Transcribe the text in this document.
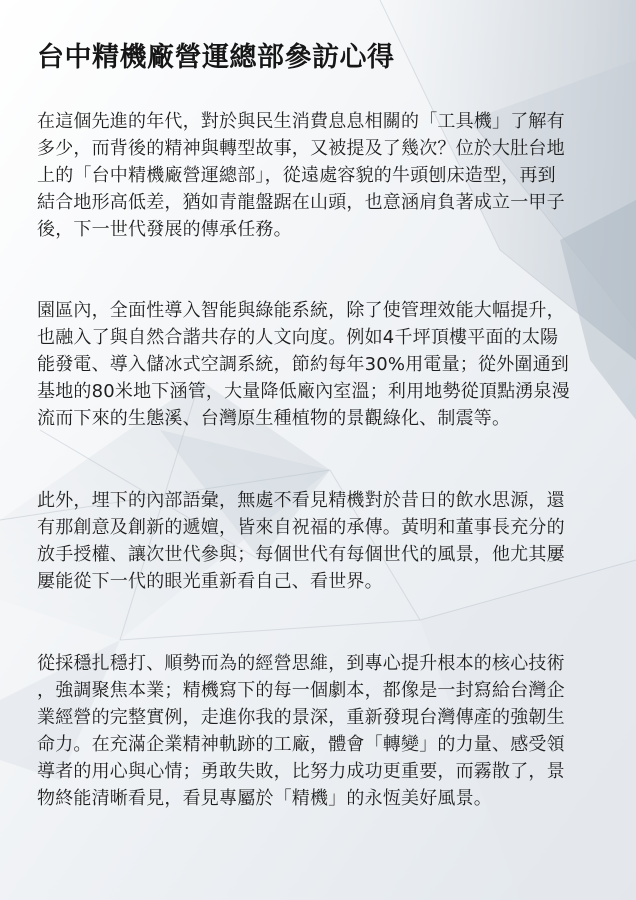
台中精機廠營運總部參訪心得
在這個先進的年代，對於與民生消費息息相關的「工具機」了解有
多少，而背後的精神與轉型故事，又被提及了幾次？位於大肚台地
上的「台中精機廠營運總部」，從遠處容貌的牛頭刨床造型，再到
結合地形高低差，猶如青龍盤踞在山頭，也意涵肩負著成立一甲子
後，下一世代發展的傳承任務。
園區內，全面性導入智能與綠能系統，除了使管理效能大幅提升，
也融入了與自然合諧共存的人文向度。例如4千坪頂樓平面的太陽
能發電、導入儲冰式空調系統，節約每年30%用電量；從外圍通到
基地的80米地下涵管，大量降低廠內室溫；利用地勢從頂點湧泉漫
流而下來的生態溪、台灣原生種植物的景觀綠化、制震等。
此外，埋下的內部語彙，無處不看見精機對於昔日的飲水思源，還
有那創意及創新的遞嬗，皆來自祝福的承傳。黃明和董事長充分的
放手授權、讓次世代參與；每個世代有每個世代的風景，他尤其屢
屢能從下一代的眼光重新看自己、看世界。
從採穩扎穩打、順勢而為的經營思維，到專心提升根本的核心技術
，強調聚焦本業；精機寫下的每一個劇本，都像是一封寫給台灣企
業經營的完整實例，走進你我的景深，重新發現台灣傳產的強韌生
命力。在充滿企業精神軌跡的工廠，體會「轉變」的力量、感受領
導者的用心與心情；勇敢失敗，比努力成功更重要，而霧散了，景
物終能清晰看見，看見專屬於「精機」的永恆美好風景。
